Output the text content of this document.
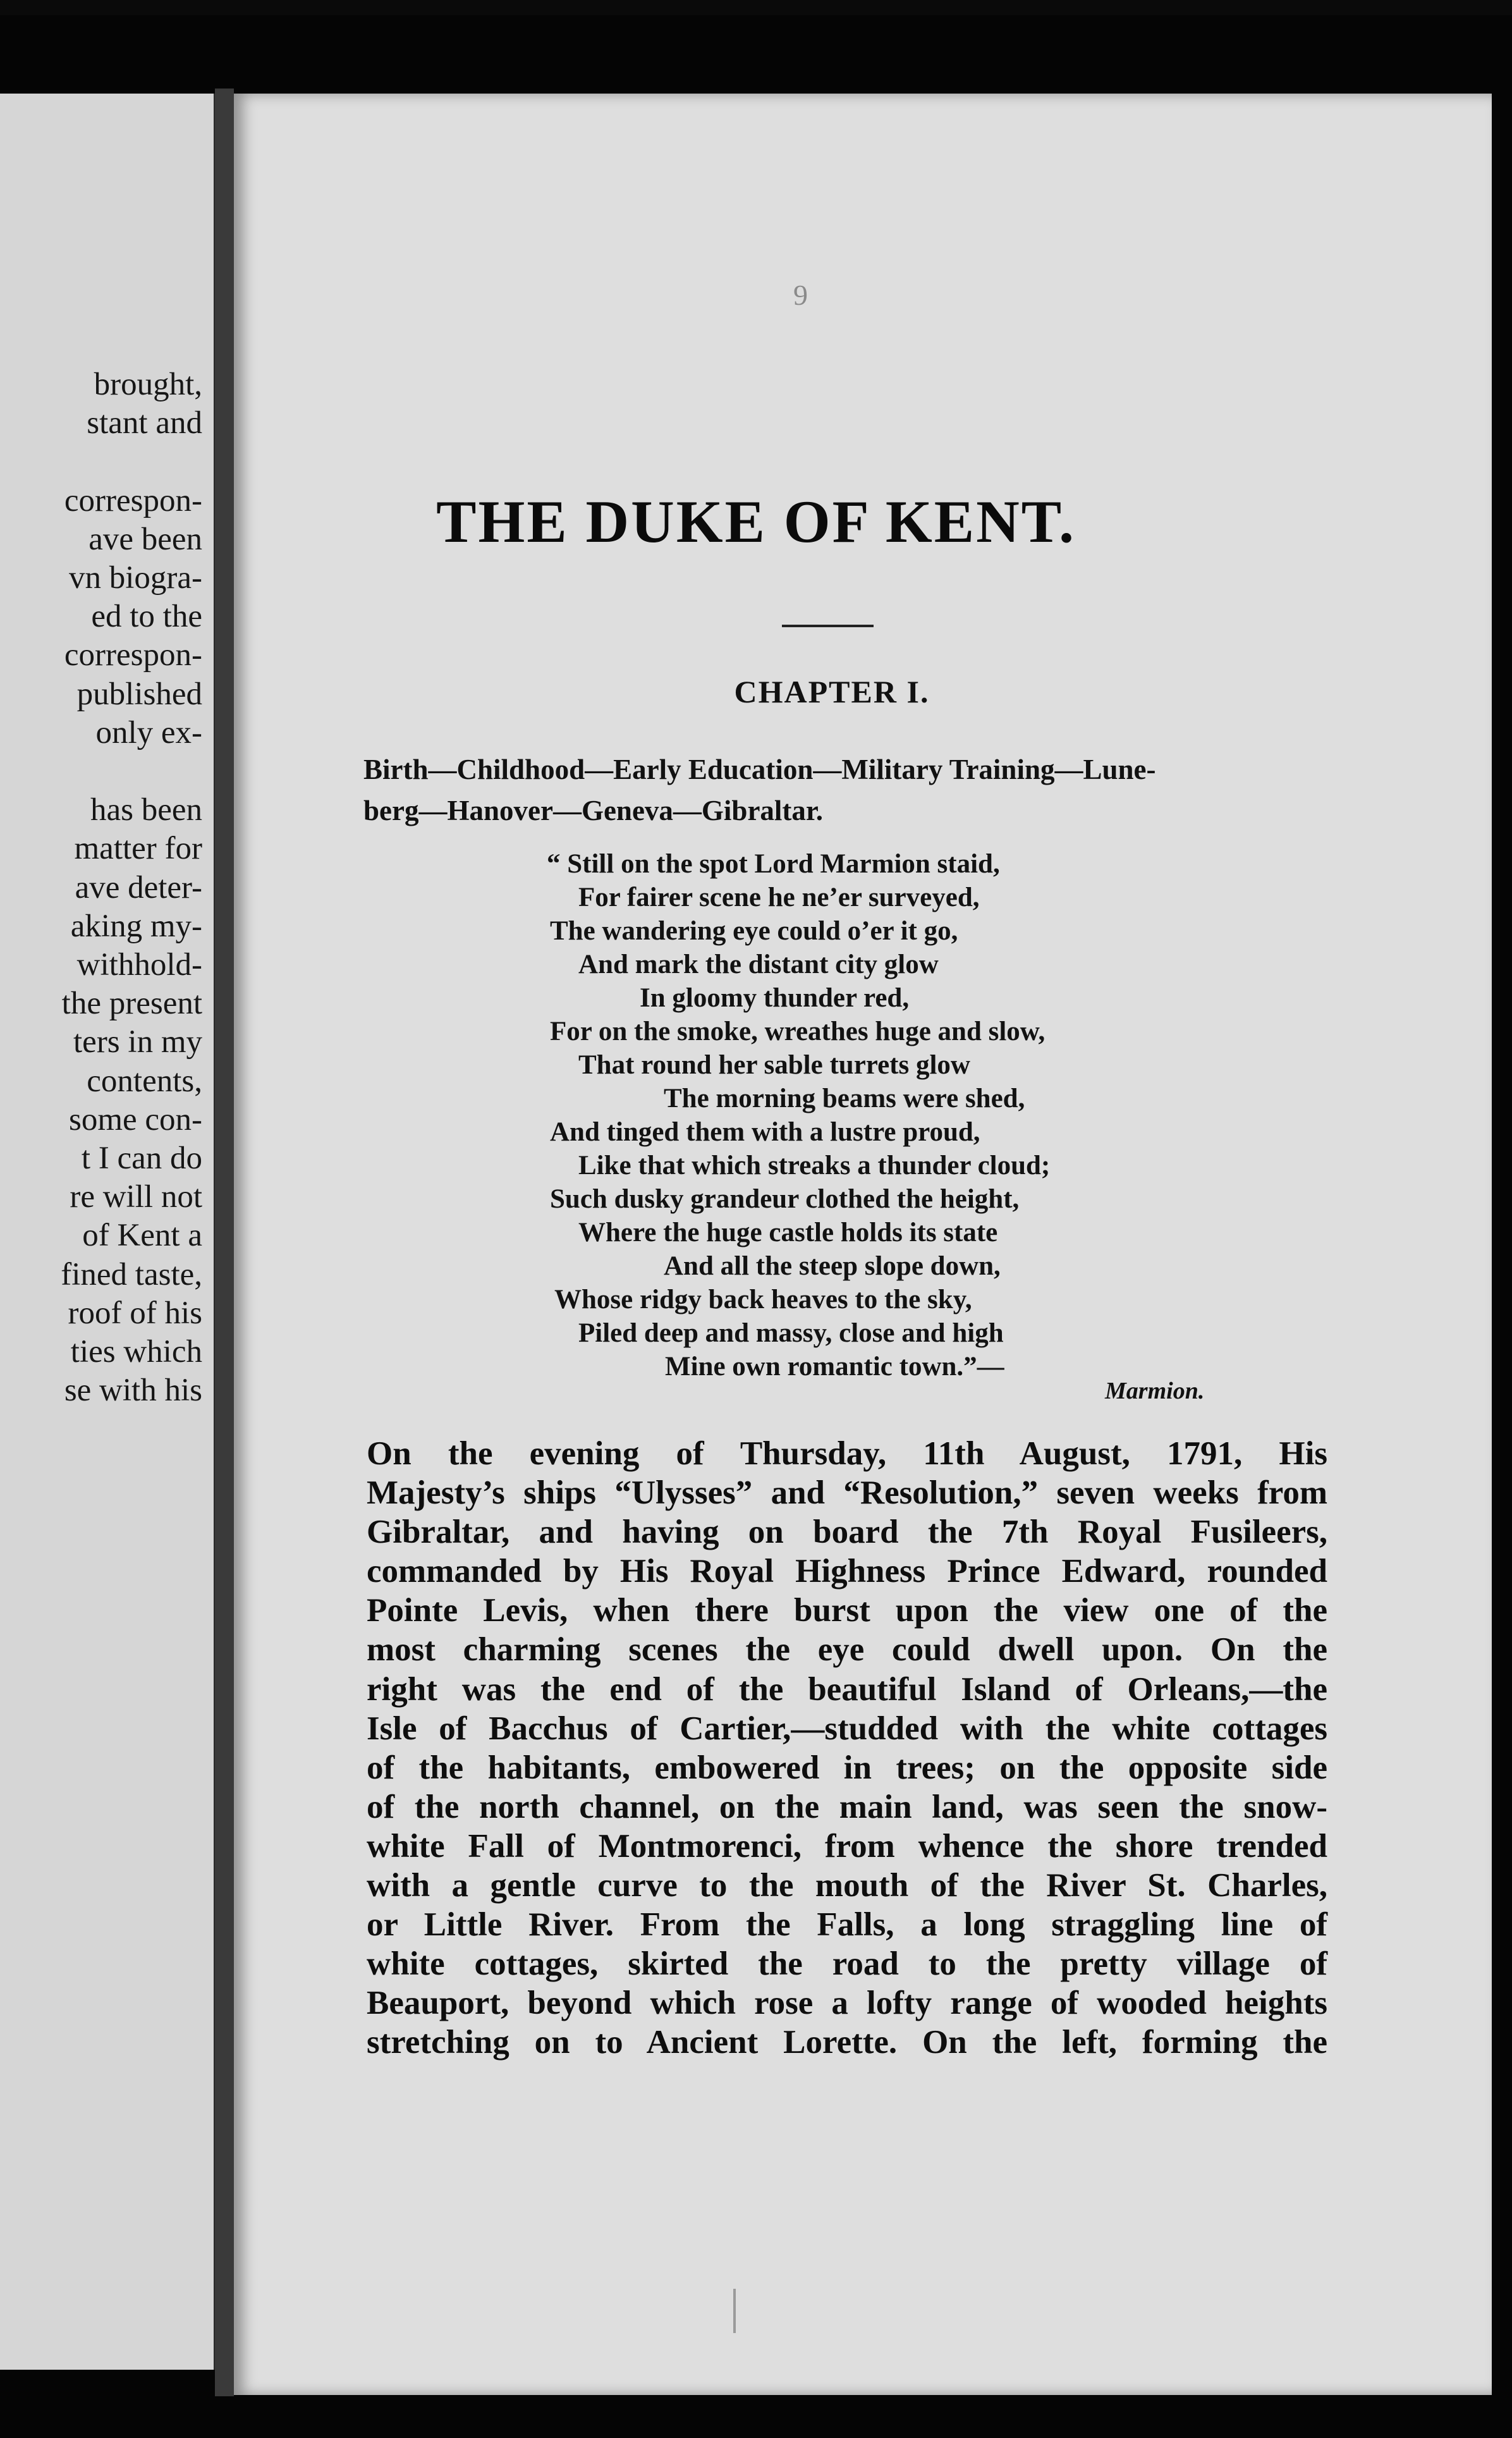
brought,
stant and

correspon-
ave been
vn biogra-
ed to the
correspon-
published
only ex-

has been
matter for
ave deter-
aking my-
withhold-
the present
ters in my
contents,
some con-
t I can do
re will not
of Kent a
fined taste,
roof of his
ties which
se with his
9
THE DUKE OF KENT.
CHAPTER I.
Birth—Childhood—Early Education—Military Training—Lune-
berg—Hanover—Geneva—Gibraltar.
“ Still on the spot Lord Marmion staid,
For fairer scene he ne’er surveyed,
The wandering eye could o’er it go,
And mark the distant city glow
In gloomy thunder red,
For on the smoke, wreathes huge and slow,
That round her sable turrets glow
The morning beams were shed,
And tinged them with a lustre proud,
Like that which streaks a thunder cloud;
Such dusky grandeur clothed the height,
Where the huge castle holds its state
And all the steep slope down,
Whose ridgy back heaves to the sky,
Piled deep and massy, close and high
Mine own romantic town.”—
Marmion.
On the evening of Thursday, 11th August, 1791, His
Majesty’s ships “Ulysses” and “Resolution,” seven weeks from
Gibraltar, and having on board the 7th Royal Fusileers,
commanded by His Royal Highness Prince Edward, rounded
Pointe Levis, when there burst upon the view one of the
most charming scenes the eye could dwell upon. On the
right was the end of the beautiful Island of Orleans,—the
Isle of Bacchus of Cartier,—studded with the white cottages
of the habitants, embowered in trees; on the opposite side
of the north channel, on the main land, was seen the snow-
white Fall of Montmorenci, from whence the shore trended
with a gentle curve to the mouth of the River St. Charles,
or Little River. From the Falls, a long straggling line of
white cottages, skirted the road to the pretty village of
Beauport, beyond which rose a lofty range of wooded heights
stretching on to Ancient Lorette. On the left, forming the
